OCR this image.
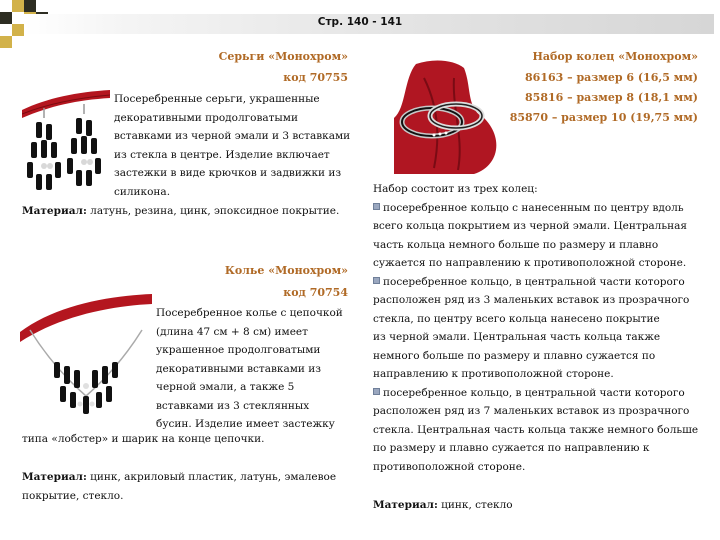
Стр. 140 - 141
Серьги «Монохром»
код 70755
Посеребренные серьги, украшенные
декоративными продолговатыми
вставками из черной эмали и 3 вставками
из стекла в центре. Изделие включает
застежки в виде крючков и задвижки из
силикона.
Материал: латунь, резина, цинк, эпоксидное покрытие.
Колье «Монохром»
код 70754
Посеребренное колье с цепочкой
(длина 47 см + 8 см) имеет
украшенное продолговатыми
декоративными вставками из
черной эмали, а также 5
вставками из 3 стеклянных
бусин. Изделие имеет застежку
типа «лобстер» и шарик на конце цепочки.
Материал: цинк, акриловый пластик, латунь, эмалевое
покрытие, стекло.
Набор колец «Монохром»
86163 – размер 6 (16,5 мм)
85816 – размер 8 (18,1 мм)
85870 – размер 10 (19,75 мм)

Набор состоит из трех колец:

посеребренное кольцо с нанесенным по центру вдоль
всего кольца покрытием из черной эмали. Центральная
часть кольца немного больше по размеру и плавно
сужается по направлению к противоположной стороне.
посеребренное кольцо, в центральной части которого
расположен ряд из 3 маленьких вставок из прозрачного
стекла, по центру всего кольца нанесено покрытие
из черной эмали. Центральная часть кольца также
немного больше по размеру и плавно сужается по
направлению к противоположной стороне.
посеребренное кольцо, в центральной части которого
расположен ряд из 7 маленьких вставок из прозрачного
стекла. Центральная часть кольца также немного больше
по размеру и плавно сужается по направлению к
противоположной стороне.
Материал: цинк, стекло
